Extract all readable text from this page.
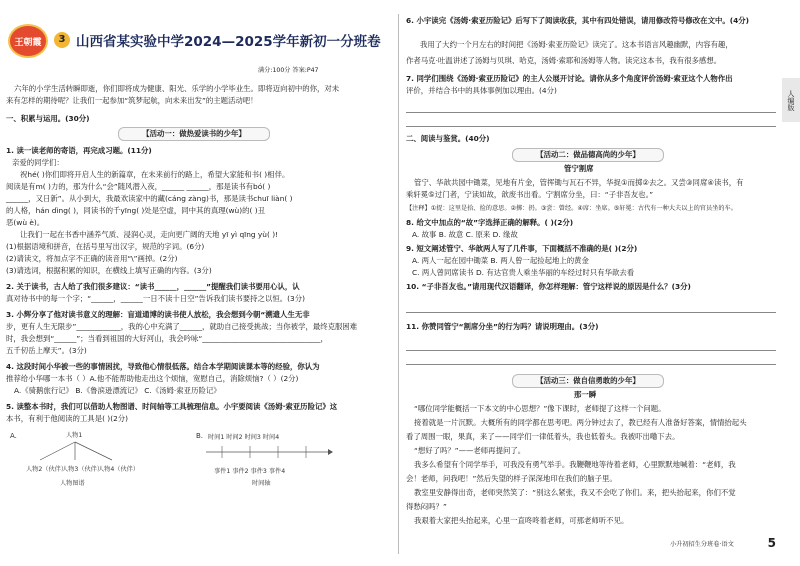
王朝霞	3 山西省某实验中学2024—2025学年新初一分班卷
满分:100分 答案:P47
六年的小学生活转瞬即逝，你们即将成为健康、阳光、乐学的小学毕业生。即将迈向初中的你，对未
来有怎样的期待呢？让我们一起参加“筑梦起航，向未来出发”的主题活动吧！
一、积累与运用。(30分)
【活动一：做热爱读书的少年】
1. 读一读老师的寄语，再完成习题。(11分)
亲爱的同学们：
祝hé( )你们即将开启人生的新篇章，在未来前行的路上，希望大家能和书( )相伴。
阅读是有m( )力的，那为什么“会”随风潜入夜，______ ______，那是读书有bó( )
______，又日新”。从小到大，我最欢读家中的藏(cáng zàng)书，那是读书chuī liàn( )
的人格，hán dìng( )，同读书的千yīng( )处是空虚，同中其的真理(wù)的( )丑
恶(wù è)。
让我们一起在书香中涵养气质、浸润心灵，走向更广阔的天地 yī yì qīng yù( )!
(1)根据语境和拼音，在括号里写出汉字，规范的字词。(6分)
(2)请读文，将加点字不正确的读音用“\”画掉。(2分)
(3)请选词，根据积累的知识，在横线上填写正确的内容。(3分)
2. 关于读书，古人给了我们很多建议：“读书______，______”提醒我们读书要用心认，认
真对待书中的每一个字；“______，______一日不读十日空”告诉我们读书要持之以恒。(3分)
3. 小辉分享了他对读书意义的理解：盲道通博的读书使人放松，我会想到今朝“溯遗人生无非
步，更有人生无限步”____________，我的心中充满了______，就助自己接受挑战；当你被学，最终克服困难
时，我会想到“______”；当看到祖国的大好河山，我会吟咏“________________________________，
五千仞岳上摩天”。(3分)
4. 这段时间小华被一些的事情困扰，导致他心情很低落。结合本学期阅读课本等的经验，你认为
推荐给小华哪一本书（ ）A.他不能帮助他走出这个烦恼，宽慰自己，消除烦恼?（ ）(2分)
A.《骑鹅旅行记》 B.《鲁滨逊漂流记》 C.《汤姆·索亚历险记》
5. 读整本书时，我们可以借助人物图谱、时间轴等工具梳理信息。小宇要阅读《汤姆·索亚历险记》这
本书，有利于他阅读的工具是( )(2分)
A.	人物1
人物2（伙伴）
人物3（伙伴）
人物4（伙伴）
人物图谱
B. 时间1 时间2 时间3 时间4
事件1 事件2 事件3 事件4
时间轴
6. 小宇读完《汤姆·索亚历险记》后写下了阅读收获，其中有四处错误，请用修改符号修改在文中。(4分)
我用了大约一个月左右的时间把《汤姆·索亚历险记》读完了。这本书语言风趣幽默，内容有趣，
作者马克·吐温讲述了汤姆与贝琪、哈克，汤姆·索耶和汤姆等人物。读完这本书，我有很多感想。
7. 同学们围绕《汤姆·索亚历险记》的主人公展开讨论。请你从多个角度评价汤姆·索亚这个人物作出
评价，并结合书中的具体事例加以理由。(4分)
二、阅读与鉴赏。(40分)
【活动二：做品德高尚的少年】
管宁割席
管宁、华歆共园中锄菜，见地有片金，管挥锄与瓦石不异，华捉①而掷②去之。又尝③同席④读书，有
乘轩冕⑤过门者，宁读如故，歆废书出看。宁割席分坐，曰：“子非吾友也。”
【注释】①捉：这里是拾、捡的意思。②掷：扔。③尝：曾经。④席：坐席。⑤轩冕：古代有一种大夫以上的官员坐的车。
8. 给文中加点的“故”字选择正确的解释。( )(2分)
A. 故事 B. 故意 C. 原来 D. 缘故
9. 短文阐述管宁、华歆两人写了几件事，下面概括不准确的是( )(2分)
A. 两人一起在园中锄菜 B. 两人曾一起捡起地上的黄金
C. 两人曾同席读书 D. 有达官贵人乘坐华丽的车经过时只有华歆去看
10. “子非吾友也。”请用现代汉语翻译，你怎样理解：管宁这样说的原因是什么？(3分)
11. 你赞同管宁“割席分坐”的行为吗？请说明理由。(3分)
【活动三：做自信勇敢的少年】
那一瞬
“哪位同学能概括一下本文的中心思想？”像下课时，老师提了这样一个问题。
接着就是一片沉默。大概所有的同学都在思考吧。两分钟过去了，教已经有人准备好答案，情情抬起头
看了周围一眼，果真，来了——同学们一律低着头，我也低着头。我被吓出嘞下去。
“想好了吗？”——老师再提问了。
我多么希望有个同学举手，可我没有勇气举手。我鞭鞭地等待着老师，心里默默地喊着：“老师，我
会！老师，问我吧！”然后失望的样子深深地印在我们的脑子里。
教室里安静得出奇，老师突然笑了：“别这么紧张，我又不会吃了你们。来，把头抬起来，你们不觉
得愁闷吗？”
我艰着大家把头抬起来，心里一直咚咚着老师，可那老师听不见。
人编版
小升初招生分班卷·语文	5
